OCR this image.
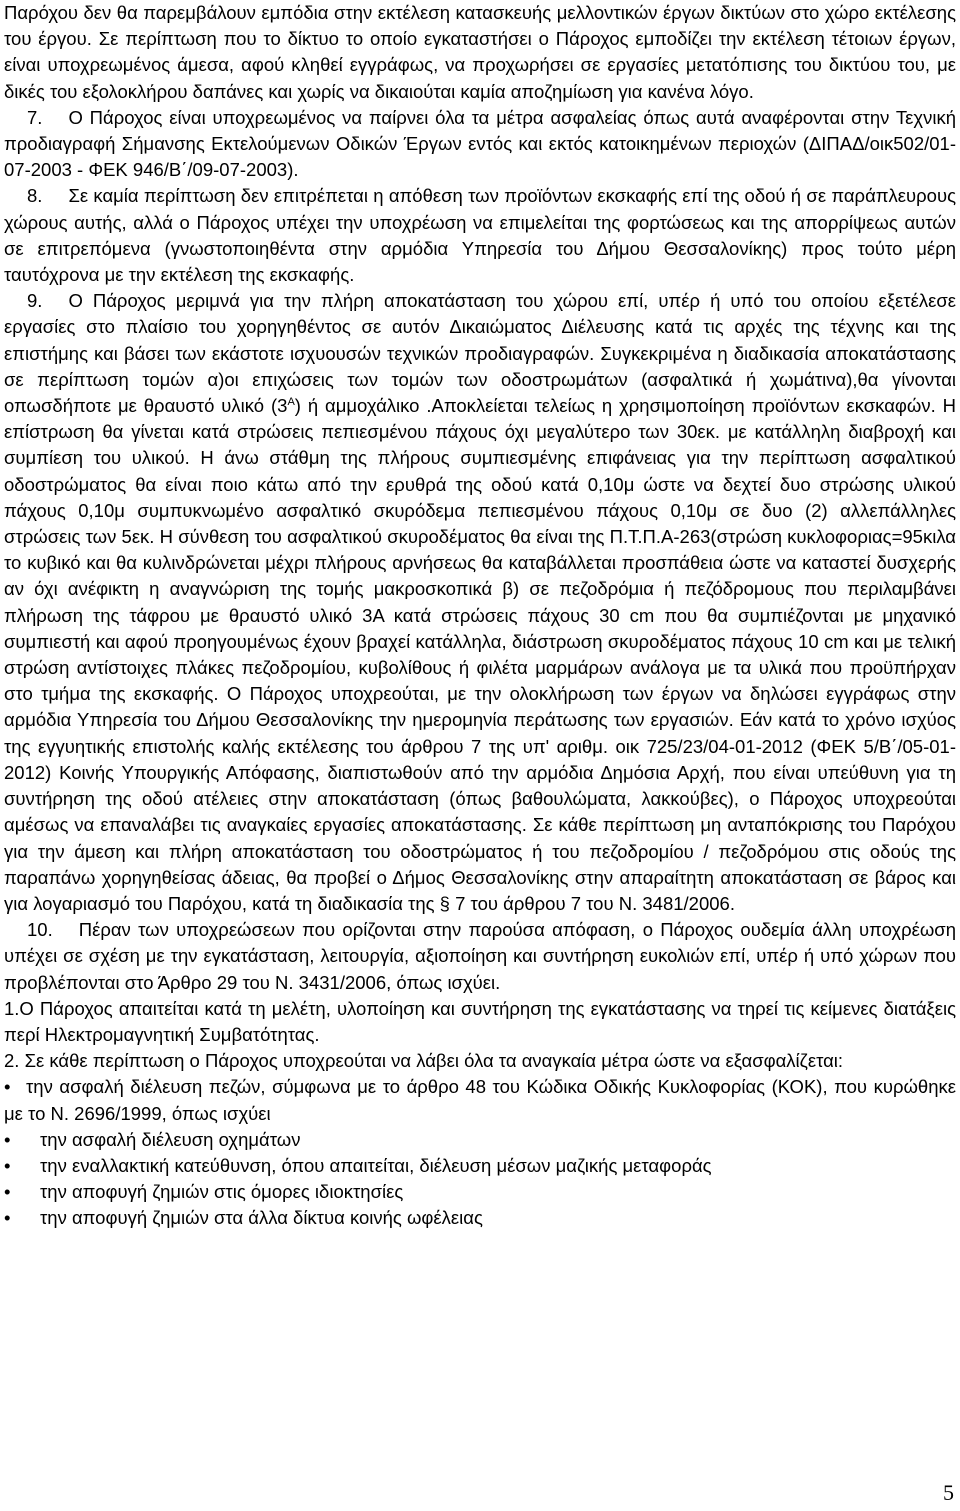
Παρόχου δεν θα παρεμβάλουν εμπόδια στην εκτέλεση κατασκευής μελλοντικών έργων δικτύων στο χώρο εκτέλεσης του έργου. Σε περίπτωση που το δίκτυο το οποίο εγκαταστήσει ο Πάροχος εμποδίζει την εκτέλεση τέτοιων έργων, είναι υποχρεωμένος άμεσα, αφού κληθεί εγγράφως, να προχωρήσει σε εργασίες μετατόπισης του δικτύου του, με δικές του εξολοκλήρου δαπάνες και χωρίς να δικαιούται καμία αποζημίωση για κανένα λόγο.

7. Ο Πάροχος είναι υποχρεωμένος να παίρνει όλα τα μέτρα ασφαλείας όπως αυτά αναφέρονται στην Τεχνική προδιαγραφή Σήμανσης Εκτελούμενων Οδικών Έργων εντός και εκτός κατοικημένων περιοχών (ΔΙΠΑΔ/οικ502/01-07-2003 - ΦΕΚ 946/Β΄/09-07-2003).

8. Σε καμία περίπτωση δεν επιτρέπεται η απόθεση των προϊόντων εκσκαφής επί της οδού ή σε παράπλευρους χώρους αυτής, αλλά ο Πάροχος υπέχει την υποχρέωση να επιμελείται της φορτώσεως και της απορρίψεως αυτών σε επιτρεπόμενα (γνωστοποιηθέντα στην αρμόδια Υπηρεσία του Δήμου Θεσσαλονίκης) προς τούτο μέρη ταυτόχρονα με την εκτέλεση της εκσκαφής.

9. Ο Πάροχος μεριμνά για την πλήρη αποκατάσταση του χώρου επί, υπέρ ή υπό του οποίου εξετέλεσε εργασίες στο πλαίσιο του χορηγηθέντος σε αυτόν Δικαιώματος Διέλευσης κατά τις αρχές της τέχνης και της επιστήμης και βάσει των εκάστοτε ισχυουσών τεχνικών προδιαγραφών. Συγκεκριμένα η διαδικασία αποκατάστασης σε περίπτωση τομών α)οι επιχώσεις των τομών των οδοστρωμάτων (ασφαλτικά ή χωμάτινα),θα γίνονται οπωσδήποτε με θραυστό υλικό $(3^A)$ ή αμμοχάλικο .Αποκλείεται τελείως η χρησιμοποίηση προϊόντων εκσκαφών. Η επίστρωση θα γίνεται κατά στρώσεις πεπιεσμένου πάχους όχι μεγαλύτερο των 30εκ. με κατάλληλη διαβροχή και συμπίεση του υλικού. Η άνω στάθμη της πλήρους συμπιεσμένης επιφάνειας για την περίπτωση ασφαλτικού οδοστρώματος θα είναι ποιο κάτω από την ερυθρά της οδού κατά 0,10μ ώστε να δεχτεί δυο στρώσης υλικού πάχους 0,10μ συμπυκνωμένο ασφαλτικό σκυρόδεμα πεπιεσμένου πάχους 0,10μ σε δυο (2) αλλεπάλληλες στρώσεις των 5εκ. Η σύνθεση του ασφαλτικού σκυροδέματος θα είναι της Π.Τ.Π.Α-263(στρώση κυκλοφοριας=95κιλα το κυβικό και θα κυλινδρώνεται μέχρι πλήρους αρνήσεως θα καταβάλλεται προσπάθεια ώστε να καταστεί δυσχερής αν όχι ανέφικτη η αναγνώριση της τομής μακροσκοπικά β) σε πεζοδρόμια ή πεζόδρομους που περιλαμβάνει πλήρωση της τάφρου με θραυστό υλικό 3Α κατά στρώσεις πάχους 30 cm που θα συμπιέζονται με μηχανικό συμπιεστή και αφού προηγουμένως έχουν βραχεί κατάλληλα, διάστρωση σκυροδέματος πάχους 10 cm και με τελική στρώση αντίστοιχες πλάκες πεζοδρομίου, κυβολίθους ή φιλέτα μαρμάρων ανάλογα με τα υλικά που προϋπήρχαν στο τμήμα της εκσκαφής. Ο Πάροχος υποχρεούται, με την ολοκλήρωση των έργων να δηλώσει εγγράφως στην αρμόδια Υπηρεσία του Δήμου Θεσσαλονίκης την ημερομηνία περάτωσης των εργασιών. Εάν κατά το χρόνο ισχύος της εγγυητικής επιστολής καλής εκτέλεσης του άρθρου 7 της υπ' αριθμ. οικ 725/23/04-01-2012 (ΦΕΚ 5/Β΄/05-01-2012) Κοινής Υπουργικής Απόφασης, διαπιστωθούν από την αρμόδια Δημόσια Αρχή, που είναι υπεύθυνη για τη συντήρηση της οδού ατέλειες στην αποκατάσταση (όπως βαθουλώματα, λακκούβες), ο Πάροχος υποχρεούται αμέσως να επαναλάβει τις αναγκαίες εργασίες αποκατάστασης. Σε κάθε περίπτωση μη ανταπόκρισης του Παρόχου για την άμεση και πλήρη αποκατάσταση του οδοστρώματος ή του πεζοδρομίου / πεζοδρόμου στις οδούς της παραπάνω χορηγηθείσας άδειας, θα προβεί ο Δήμος Θεσσαλονίκης στην απαραίτητη αποκατάσταση σε βάρος και για λογαριασμό του Παρόχου, κατά τη διαδικασία της § 7 του άρθρου 7 του Ν. 3481/2006.

10. Πέραν των υποχρεώσεων που ορίζονται στην παρούσα απόφαση, ο Πάροχος ουδεμία άλλη υποχρέωση υπέχει σε σχέση με την εγκατάσταση, λειτουργία, αξιοποίηση και συντήρηση ευκολιών επί, υπέρ ή υπό χώρων που προβλέπονται στο Άρθρο 29 του Ν. 3431/2006, όπως ισχύει.

1.Ο Πάροχος απαιτείται κατά τη μελέτη, υλοποίηση και συντήρηση της εγκατάστασης να τηρεί τις κείμενες διατάξεις περί Ηλεκτρομαγνητική Συμβατότητας.

2. Σε κάθε περίπτωση ο Πάροχος υποχρεούται να λάβει όλα τα αναγκαία μέτρα ώστε να εξασφαλίζεται:

• την ασφαλή διέλευση πεζών, σύμφωνα με το άρθρο 48 του Κώδικα Οδικής Κυκλοφορίας (ΚΟΚ), που κυρώθηκε με το Ν. 2696/1999, όπως ισχύει

• την ασφαλή διέλευση οχημάτων

• την εναλλακτική κατεύθυνση, όπου απαιτείται, διέλευση μέσων μαζικής μεταφοράς

• την αποφυγή ζημιών στις όμορες ιδιοκτησίες

• την αποφυγή ζημιών στα άλλα δίκτυα κοινής ωφέλειας

5
